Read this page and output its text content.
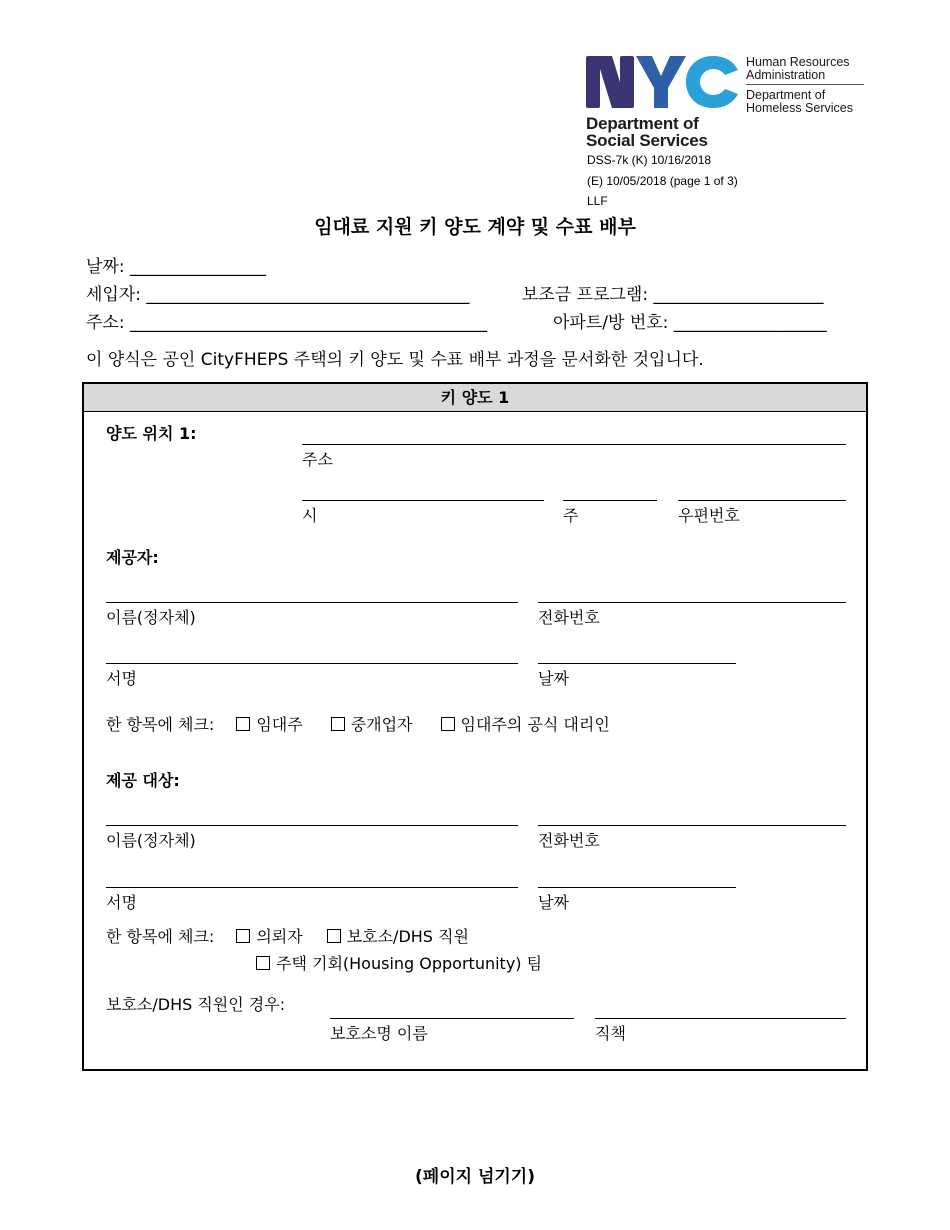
Human Resources
Administration
Department of
Homeless Services
Department of
Social Services
DSS-7k (K) 10/16/2018
(E) 10/05/2018 (page 1 of 3)
LLF
임대료 지원 키 양도 계약 및 수표 배부
날짜: ________________
세입자: ______________________________________	보조금 프로그램: ____________________
주소: __________________________________________	아파트/방 번호: __________________
이 양식은 공인 CityFHEPS 주택의 키 양도 및 수표 배부 과정을 문서화한 것입니다.
키 양도 1
양도 위치 1:
주소
시	주	우편번호
제공자:
이름(정자체)	전화번호
서명	날짜
한 항목에 체크:	임대주	중개업자	임대주의 공식 대리인
제공 대상:
이름(정자체)	전화번호
서명	날짜
한 항목에 체크:	의뢰자	보호소/DHS 직원
주택 기회(Housing Opportunity) 팀
보호소/DHS 직원인 경우:
보호소명 이름	직책
(페이지 넘기기)
